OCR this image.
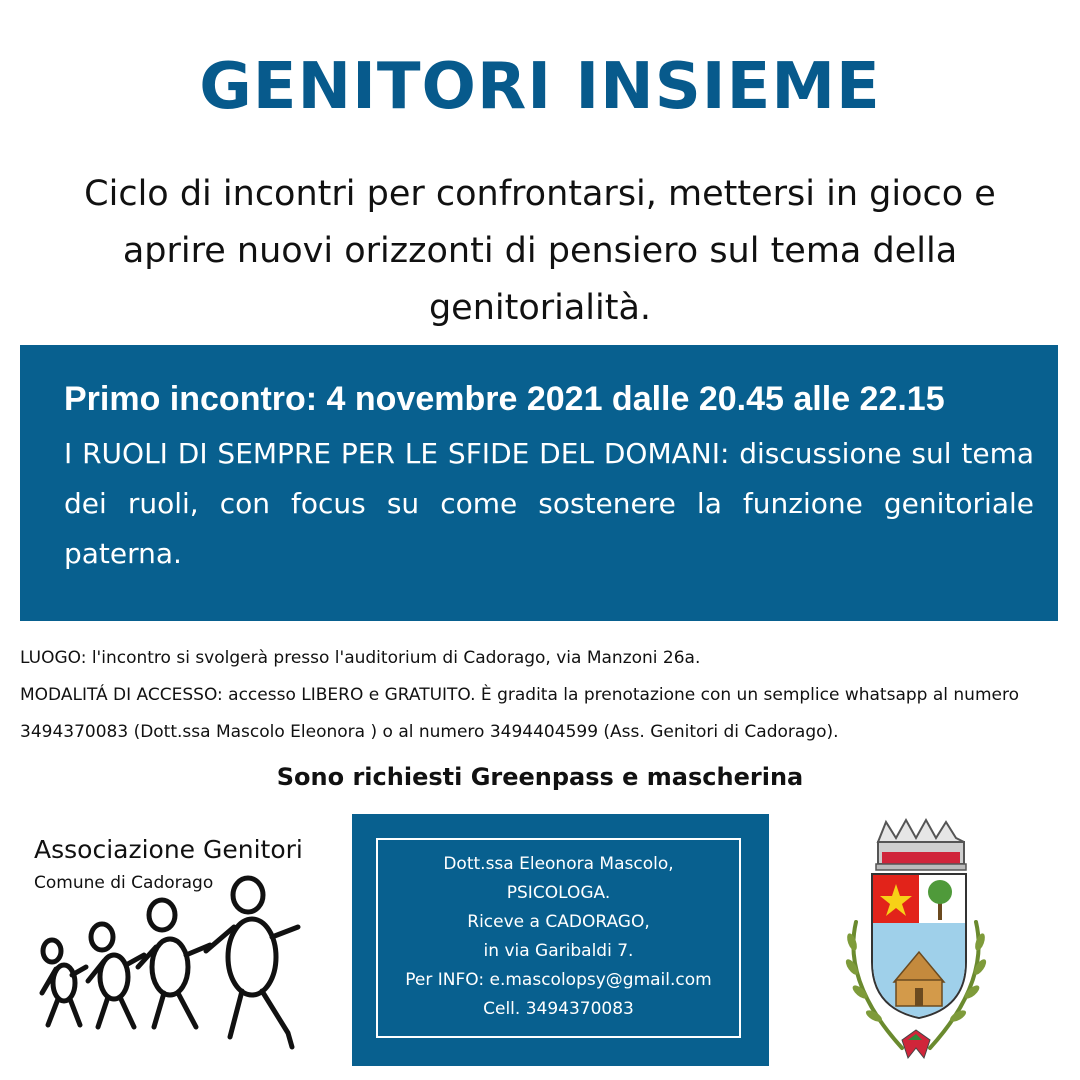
GENITORI INSIEME
Ciclo di incontri per confrontarsi, mettersi in gioco e
aprire nuovi orizzonti di pensiero sul tema della
genitorialità.

Primo incontro: 4 novembre 2021 dalle 20.45 alle 22.15

I RUOLI DI SEMPRE PER LE SFIDE DEL DOMANI: discussione sul tema dei ruoli, con focus su come sostenere la funzione genitoriale paterna.

LUOGO: l'incontro si svolgerà presso l'auditorium di Cadorago, via Manzoni 26a.

MODALITÁ DI ACCESSO: accesso LIBERO e GRATUITO. È gradita la prenotazione con un semplice whatsapp al numero 3494370083 (Dott.ssa Mascolo Eleonora ) o al numero 3494404599 (Ass. Genitori di Cadorago).

Sono richiesti Greenpass e mascherina
Associazione Genitori
Comune di Cadorago
Dott.ssa Eleonora Mascolo,
PSICOLOGA.
Riceve a CADORAGO,
in via Garibaldi 7.
Per INFO: e.mascolopsy@gmail.com
Cell. 3494370083
